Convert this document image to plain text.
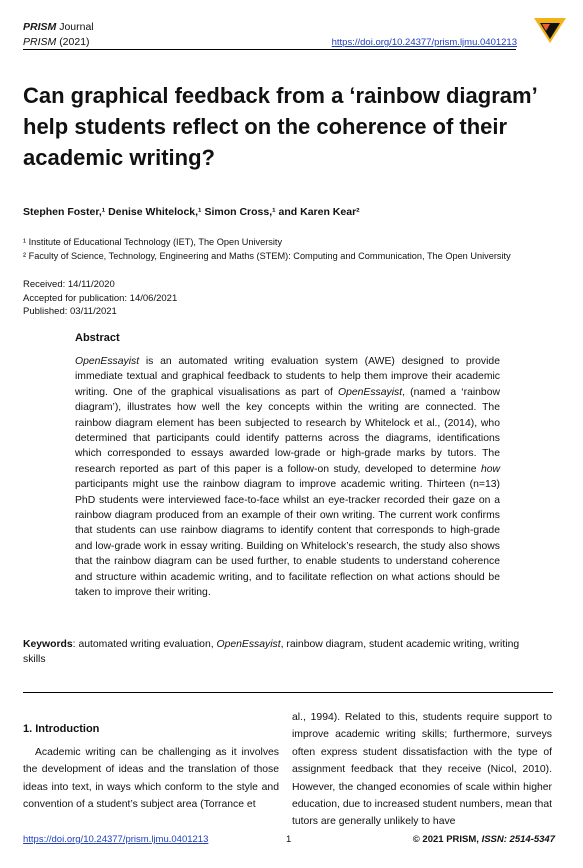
PRISM Journal
PRISM (2021)	https://doi.org/10.24377/prism.ljmu.0401213
Can graphical feedback from a ‘rainbow diagram’ help students reflect on the coherence of their academic writing?
Stephen Foster,¹ Denise Whitelock,¹ Simon Cross,¹ and Karen Kear²
¹ Institute of Educational Technology (IET), The Open University
² Faculty of Science, Technology, Engineering and Maths (STEM): Computing and Communication, The Open University
Received: 14/11/2020
Accepted for publication: 14/06/2021
Published: 03/11/2021
Abstract
OpenEssayist is an automated writing evaluation system (AWE) designed to provide immediate textual and graphical feedback to students to help them improve their academic writing. One of the graphical visualisations as part of OpenEssayist, (named a ‘rainbow diagram’), illustrates how well the key concepts within the writing are connected. The rainbow diagram element has been subjected to research by Whitelock et al., (2014), who determined that participants could identify patterns across the diagrams, identifications which corresponded to essays awarded low-grade or high-grade marks by tutors. The research reported as part of this paper is a follow-on study, developed to determine how participants might use the rainbow diagram to improve academic writing. Thirteen (n=13) PhD students were interviewed face-to-face whilst an eye-tracker recorded their gaze on a rainbow diagram produced from an example of their own writing. The current work confirms that students can use rainbow diagrams to identify content that corresponds to high-grade and low-grade work in essay writing. Building on Whitelock’s research, the study also shows that the rainbow diagram can be used further, to enable students to understand coherence and structure within academic writing, and to facilitate reflection on what actions should be taken to improve their writing.
Keywords: automated writing evaluation, OpenEssayist, rainbow diagram, student academic writing, writing skills
1. Introduction
Academic writing can be challenging as it involves the development of ideas and the translation of those ideas into text, in ways which conform to the style and convention of a student’s subject area (Torrance et
al., 1994). Related to this, students require support to improve academic writing skills; furthermore, surveys often express student dissatisfaction with the type of assignment feedback that they receive (Nicol, 2010). However, the changed economies of scale within higher education, due to increased student numbers, mean that tutors are generally unlikely to have
https://doi.org/10.24377/prism.ljmu.0401213	1	© 2021 PRISM, ISSN: 2514-5347
